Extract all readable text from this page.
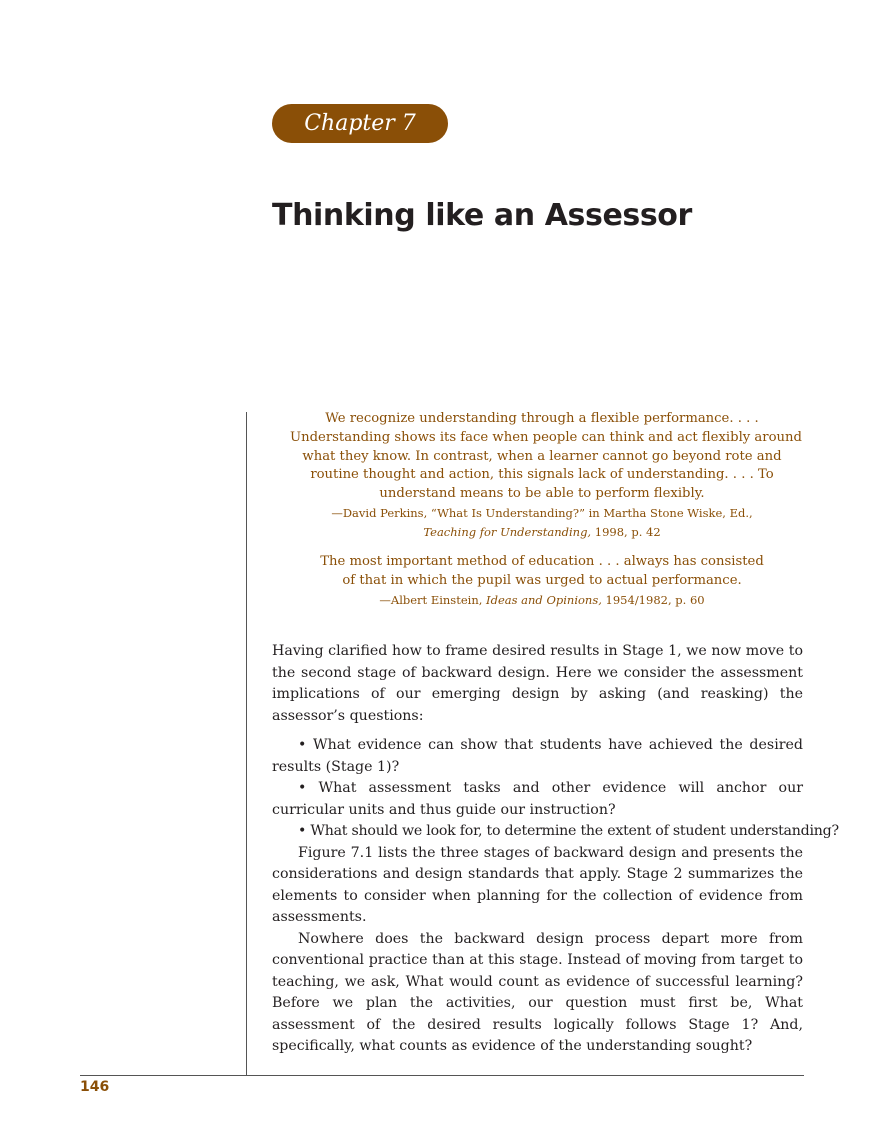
Chapter 7
Thinking like an Assessor
We recognize understanding through a flexible performance. . . .
Understanding shows its face when people can think and act flexibly around
what they know. In contrast, when a learner cannot go beyond rote and
routine thought and action, this signals lack of understanding. . . . To
understand means to be able to perform flexibly.
—David Perkins, “What Is Understanding?” in Martha Stone Wiske, Ed.,
Teaching for Understanding, 1998, p. 42
The most important method of education . . . always has consisted
of that in which the pupil was urged to actual performance.
—Albert Einstein, Ideas and Opinions, 1954/1982, p. 60

Having clarified how to frame desired results in Stage 1, we now move to the second stage of backward design. Here we consider the assessment implications of our emerging design by asking (and reasking) the assessor’s questions:

• What evidence can show that students have achieved the desired results (Stage 1)?

• What assessment tasks and other evidence will anchor our curricular units and thus guide our instruction?

• What should we look for, to determine the extent of student understanding?

Figure 7.1 lists the three stages of backward design and presents the considerations and design standards that apply. Stage 2 summarizes the elements to consider when planning for the collection of evidence from assessments.

Nowhere does the backward design process depart more from conventional practice than at this stage. Instead of moving from target to teaching, we ask, What would count as evidence of successful learning? Before we plan the activities, our question must first be, What assessment of the desired results logically follows Stage 1? And, specifically, what counts as evidence of the understanding sought?

146
